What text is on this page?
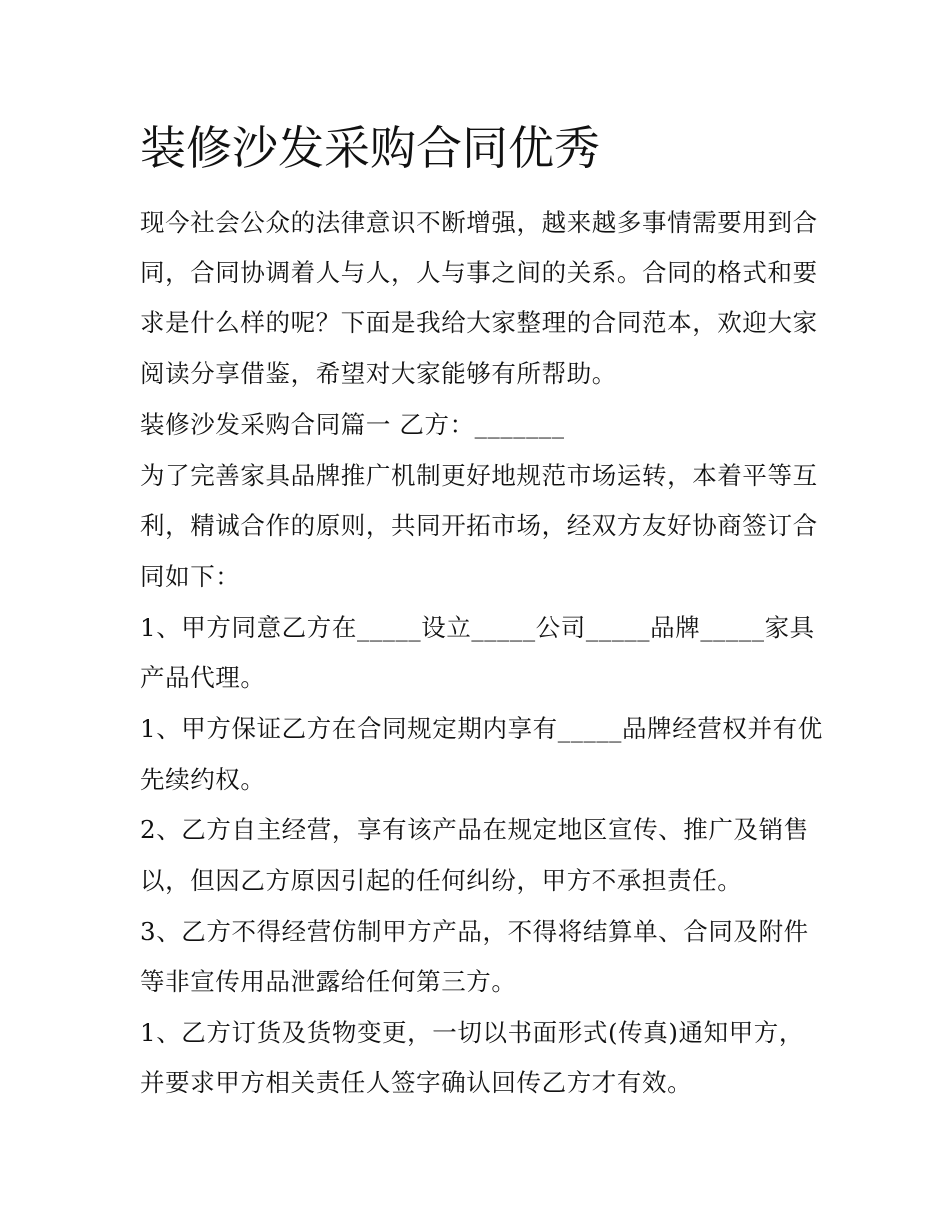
装修沙发采购合同优秀
现今社会公众的法律意识不断增强，越来越多事情需要用到合
同，合同协调着人与人，人与事之间的关系。合同的格式和要
求是什么样的呢？下面是我给大家整理的合同范本，欢迎大家
阅读分享借鉴，希望对大家能够有所帮助。
装修沙发采购合同篇一 乙方：_______
为了完善家具品牌推广机制更好地规范市场运转，本着平等互
利，精诚合作的原则，共同开拓市场，经双方友好协商签订合
同如下：
1、甲方同意乙方在_____设立_____公司_____品牌_____家具
产品代理。
1、甲方保证乙方在合同规定期内享有_____品牌经营权并有优
先续约权。
2、乙方自主经营，享有该产品在规定地区宣传、推广及销售
以，但因乙方原因引起的任何纠纷，甲方不承担责任。
3、乙方不得经营仿制甲方产品，不得将结算单、合同及附件
等非宣传用品泄露给任何第三方。
1、乙方订货及货物变更，一切以书面形式(传真)通知甲方，
并要求甲方相关责任人签字确认回传乙方才有效。
